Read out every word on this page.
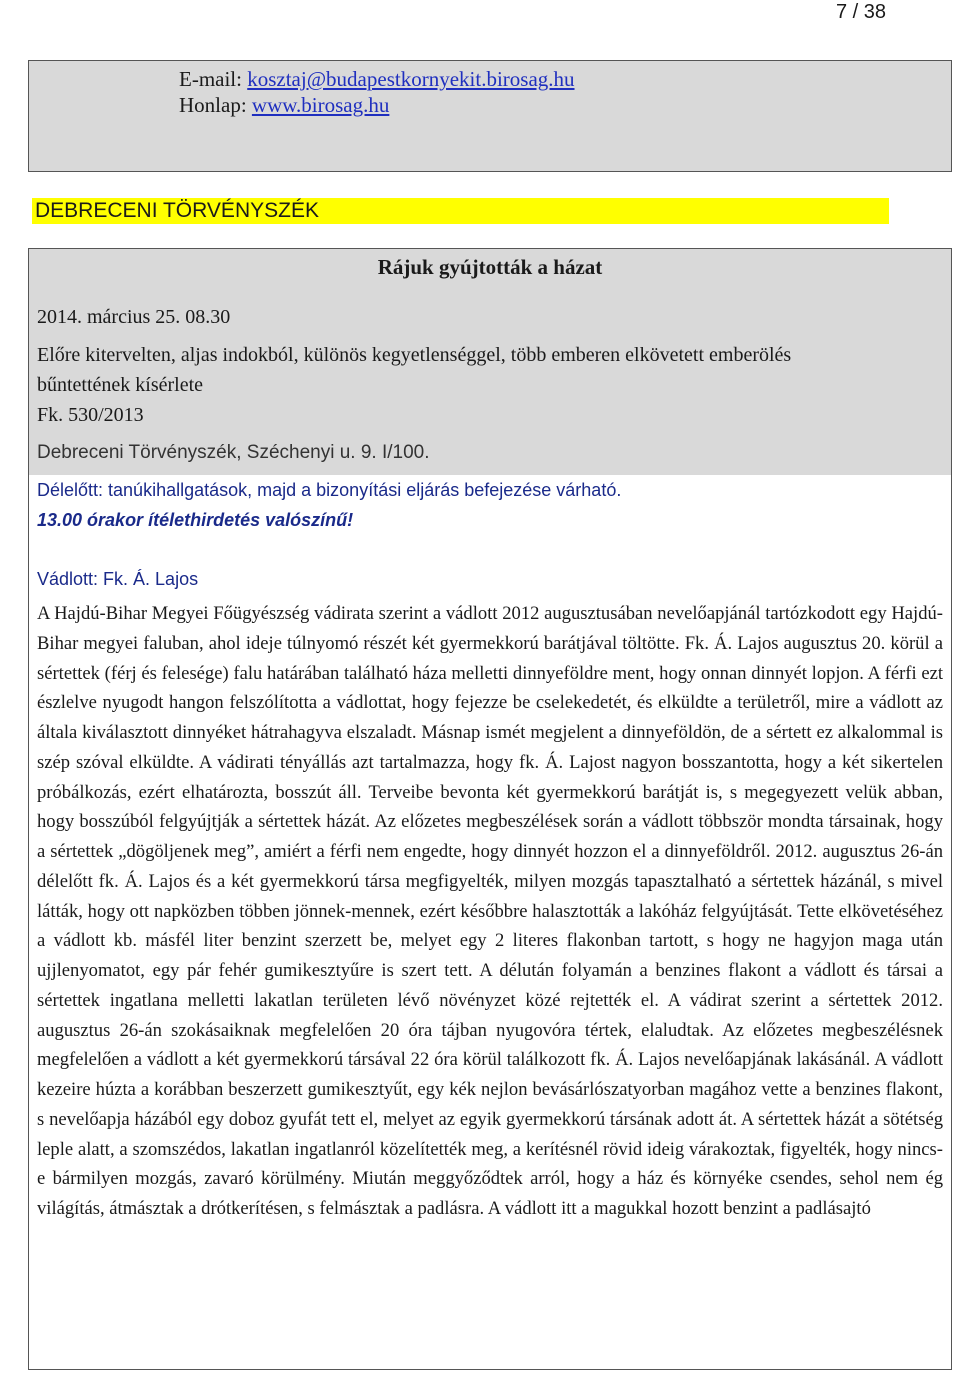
7 / 38
E-mail: kosztaj@budapestkornyekit.birosag.hu
Honlap: www.birosag.hu
DEBRECENI TÖRVÉNYSZÉK
Rájuk gyújtották a házat
2014. március 25. 08.30
Előre kitervelten, aljas indokból, különös kegyetlenséggel, több emberen elkövetett emberölés
bűntettének kísérlete
Fk. 530/2013
Debreceni Törvényszék, Széchenyi u. 9. I/100.
Délelőtt: tanúkihallgatások, majd a bizonyítási eljárás befejezése várható.
13.00 órakor ítélethirdetés valószínű!
Vádlott: Fk. Á. Lajos
A Hajdú-Bihar Megyei Főügyészség vádirata szerint a vádlott 2012 augusztusában nevelőapjánál tartózkodott egy Hajdú-Bihar megyei faluban, ahol ideje túlnyomó részét két gyermekkorú barátjával töltötte. Fk. Á. Lajos augusztus 20. körül a sértettek (férj és felesége) falu határában található háza melletti dinnyeföldre ment, hogy onnan dinnyét lopjon. A férfi ezt észlelve nyugodt hangon felszólította a vádlottat, hogy fejezze be cselekedetét, és elküldte a területről, mire a vádlott az általa kiválasztott dinnyéket hátrahagyva elszaladt. Másnap ismét megjelent a dinnyeföldön, de a sértett ez alkalommal is szép szóval elküldte. A vádirati tényállás azt tartalmazza, hogy fk. Á. Lajost nagyon bosszantotta, hogy a két sikertelen próbálkozás, ezért elhatározta, bosszút áll. Terveibe bevonta két gyermekkorú barátját is, s megegyezett velük abban, hogy bosszúból felgyújtják a sértettek házát. Az előzetes megbeszélések során a vádlott többször mondta társainak, hogy a sértettek „dögöljenek meg”, amiért a férfi nem engedte, hogy dinnyét hozzon el a dinnyeföldről. 2012. augusztus 26-án délelőtt fk. Á. Lajos és a két gyermekkorú társa megfigyelték, milyen mozgás tapasztalható a sértettek házánál, s mivel látták, hogy ott napközben többen jönnek-mennek, ezért későbbre halasztották a lakóház felgyújtását. Tette elkövetéséhez a vádlott kb. másfél liter benzint szerzett be, melyet egy 2 literes flakonban tartott, s hogy ne hagyjon maga után ujjlenyomatot, egy pár fehér gumikesztyűre is szert tett. A délután folyamán a benzines flakont a vádlott és társai a sértettek ingatlana melletti lakatlan területen lévő növényzet közé rejtették el. A vádirat szerint a sértettek 2012. augusztus 26-án szokásaiknak megfelelően 20 óra tájban nyugovóra tértek, elaludtak. Az előzetes megbeszélésnek megfelelően a vádlott a két gyermekkorú társával 22 óra körül találkozott fk. Á. Lajos nevelőapjának lakásánál. A vádlott kezeire húzta a korábban beszerzett gumikesztyűt, egy kék nejlon bevásárlószatyorban magához vette a benzines flakont, s nevelőapja házából egy doboz gyufát tett el, melyet az egyik gyermekkorú társának adott át. A sértettek házát a sötétség leple alatt, a szomszédos, lakatlan ingatlanról közelítették meg, a kerítésnél rövid ideig várakoztak, figyelték, hogy nincs-e bármilyen mozgás, zavaró körülmény. Miután meggyőződtek arról, hogy a ház és környéke csendes, sehol nem ég világítás, átmásztak a drótkerítésen, s felmásztak a padlásra. A vádlott itt a magukkal hozott benzint a padlásajtó
